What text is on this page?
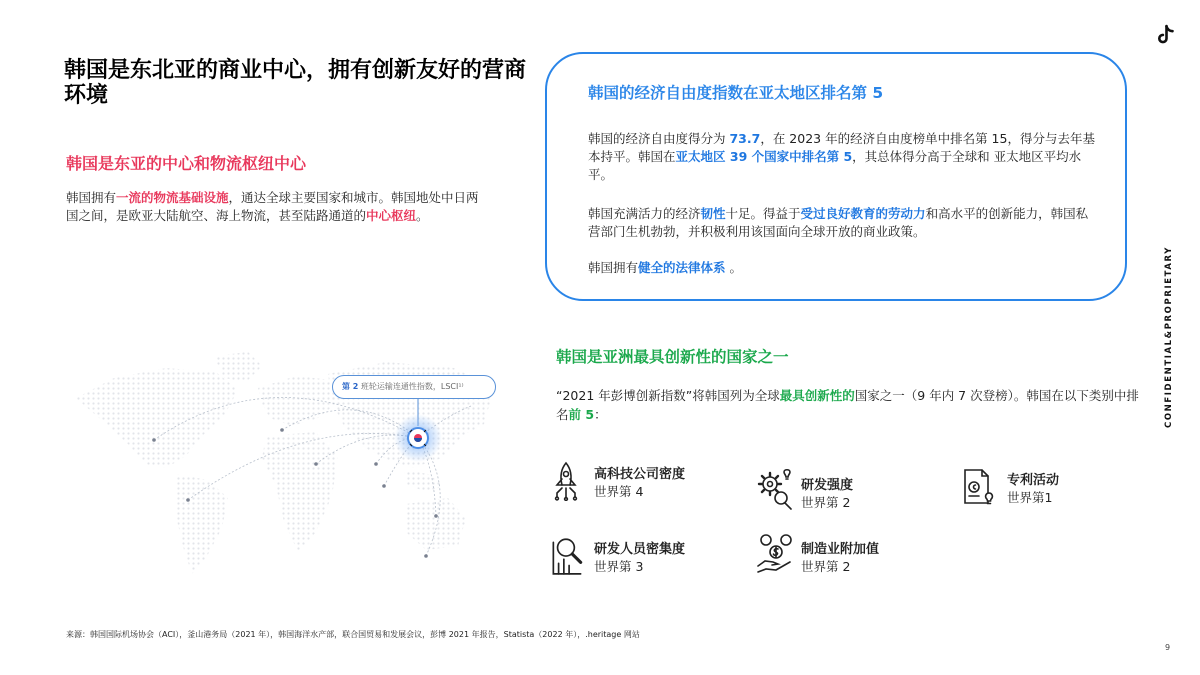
韩国是东北亚的商业中心，拥有创新友好的营商环境
韩国是东亚的中心和物流枢纽中心

韩国拥有一流的物流基础设施，通达全球主要国家和城市。韩国地处中日两国之间，是欧亚大陆航空、海上物流，甚至陆路通道的中心枢纽。

韩国的经济自由度指数在亚太地区排名第 5

韩国的经济自由度得分为 73.7，在 2023 年的经济自由度榜单中排名第 15，得分与去年基本持平。韩国在亚太地区 39 个国家中排名第 5，其总体得分高于全球和 亚太地区平均水平。

韩国充满活力的经济韧性十足。得益于受过良好教育的劳动力和高水平的创新能力，韩国私营部门生机勃勃，并积极利用该国面向全球开放的商业政策。

韩国拥有健全的法律体系 。

第 2 班轮运输连通性指数，LSCI¹⁾
韩国是亚洲最具创新性的国家之一

“2021 年彭博创新指数”将韩国列为全球最具创新性的国家之一（9 年内 7 次登榜）。韩国在以下类别中排名前 5：

高科技公司密度
世界第 4	研发强度
世界第 2
专利活动
世界第1
研发人员密集度
世界第 3
制造业附加值
世界第 2
CONFIDENTIAL&PROPRIETARY
来源：韩国国际机场协会（ACI），釜山港务局（2021 年），韩国海洋水产部，联合国贸易和发展会议，彭博 2021 年报告，Statista（2022 年），.heritage 网站
9
